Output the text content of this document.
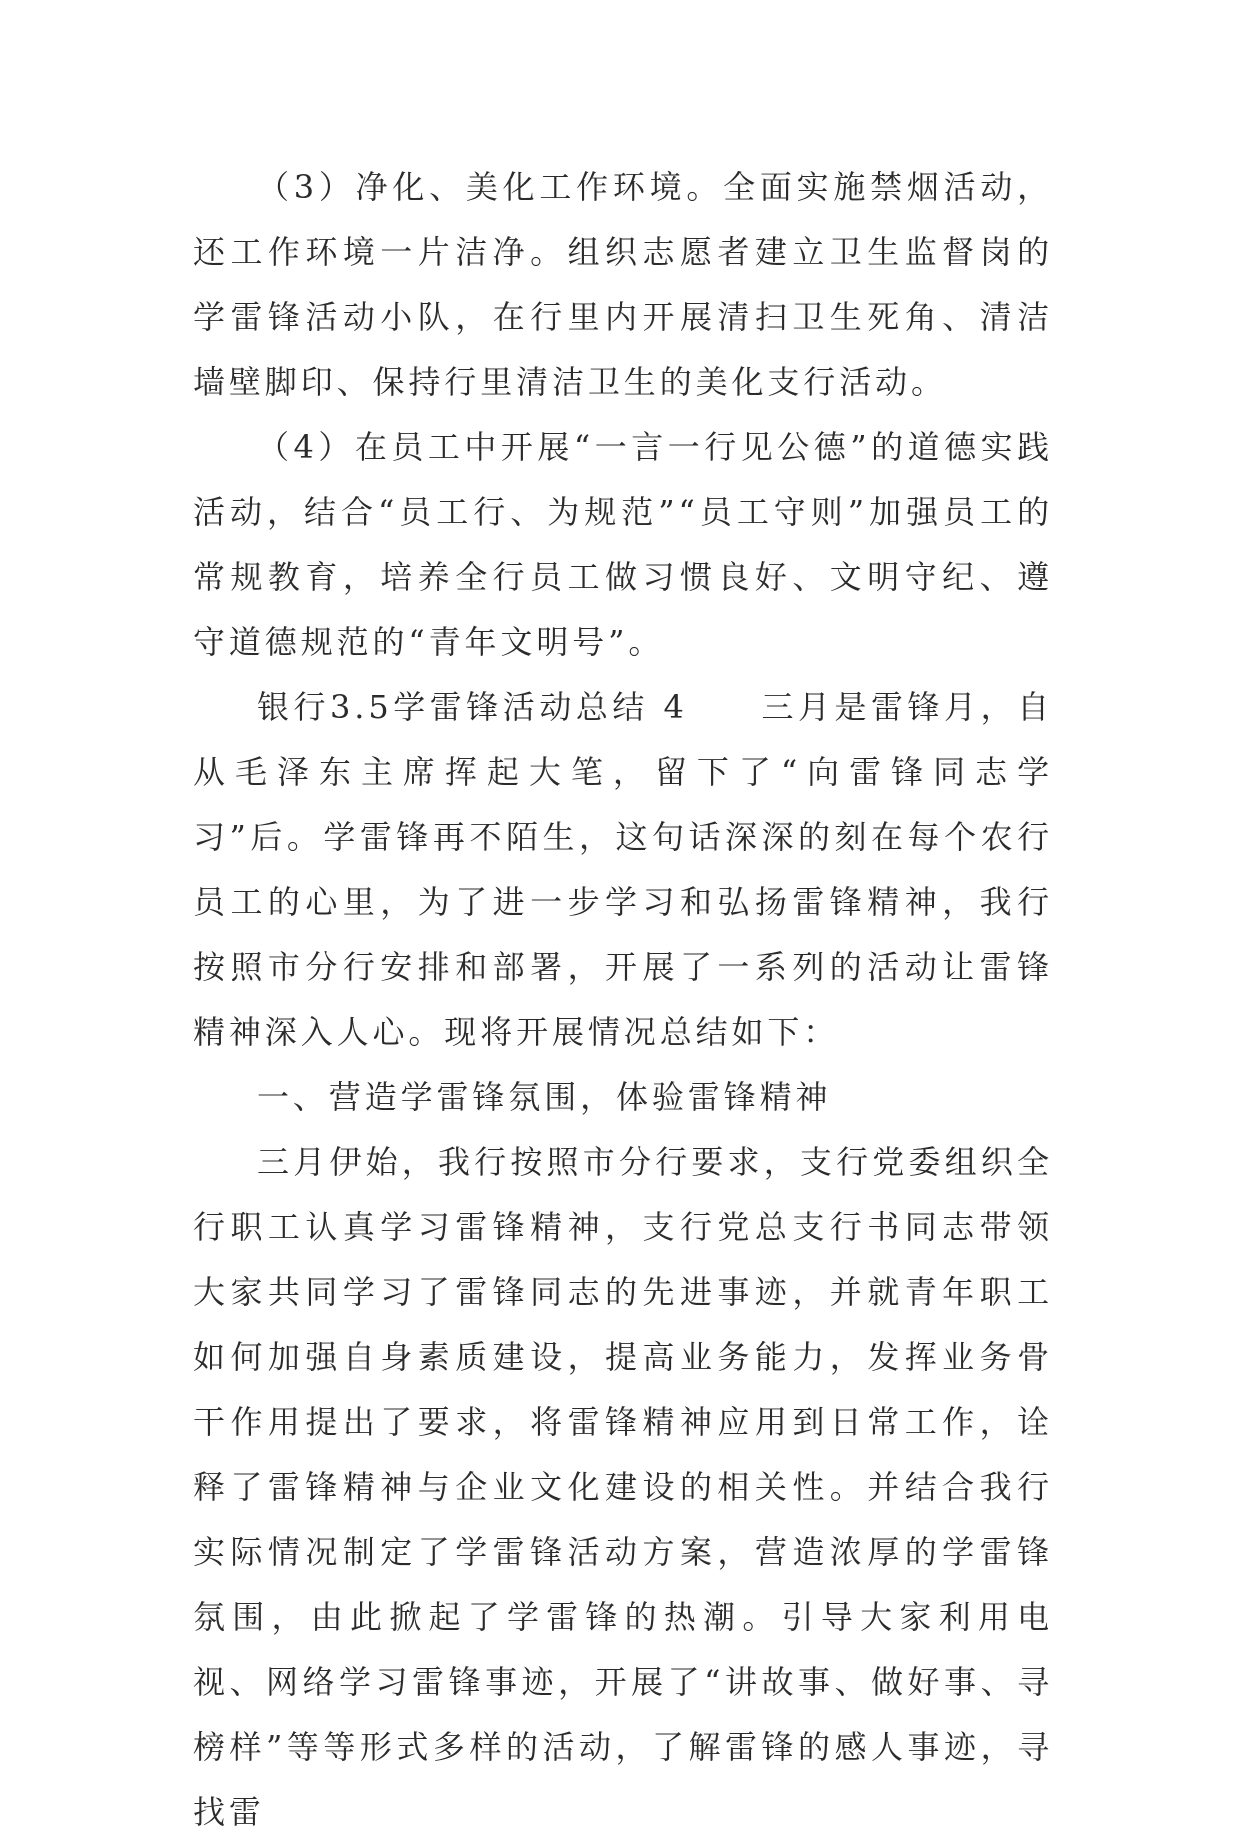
（3）净化、美化工作环境。全面实施禁烟活动，还工作环境一片洁净。组织志愿者建立卫生监督岗的学雷锋活动小队，在行里内开展清扫卫生死角、清洁墙壁脚印、保持行里清洁卫生的美化支行活动。

（4）在员工中开展“一言一行见公德”的道德实践活动，结合“员工行、为规范”“员工守则”加强员工的常规教育，培养全行员工做习惯良好、文明守纪、遵守道德规范的“青年文明号”。

银行3.5学雷锋活动总结 4　　三月是雷锋月，自从毛泽东主席挥起大笔，留下了“向雷锋同志学习”后。学雷锋再不陌生，这句话深深的刻在每个农行员工的心里，为了进一步学习和弘扬雷锋精神，我行按照市分行安排和部署，开展了一系列的活动让雷锋精神深入人心。现将开展情况总结如下：

一、营造学雷锋氛围，体验雷锋精神

三月伊始，我行按照市分行要求，支行党委组织全行职工认真学习雷锋精神，支行党总支行书同志带领大家共同学习了雷锋同志的先进事迹，并就青年职工如何加强自身素质建设，提高业务能力，发挥业务骨干作用提出了要求，将雷锋精神应用到日常工作，诠释了雷锋精神与企业文化建设的相关性。并结合我行实际情况制定了学雷锋活动方案，营造浓厚的学雷锋氛围，由此掀起了学雷锋的热潮。引导大家利用电视、网络学习雷锋事迹，开展了“讲故事、做好事、寻榜样”等等形式多样的活动，了解雷锋的感人事迹，寻找雷
